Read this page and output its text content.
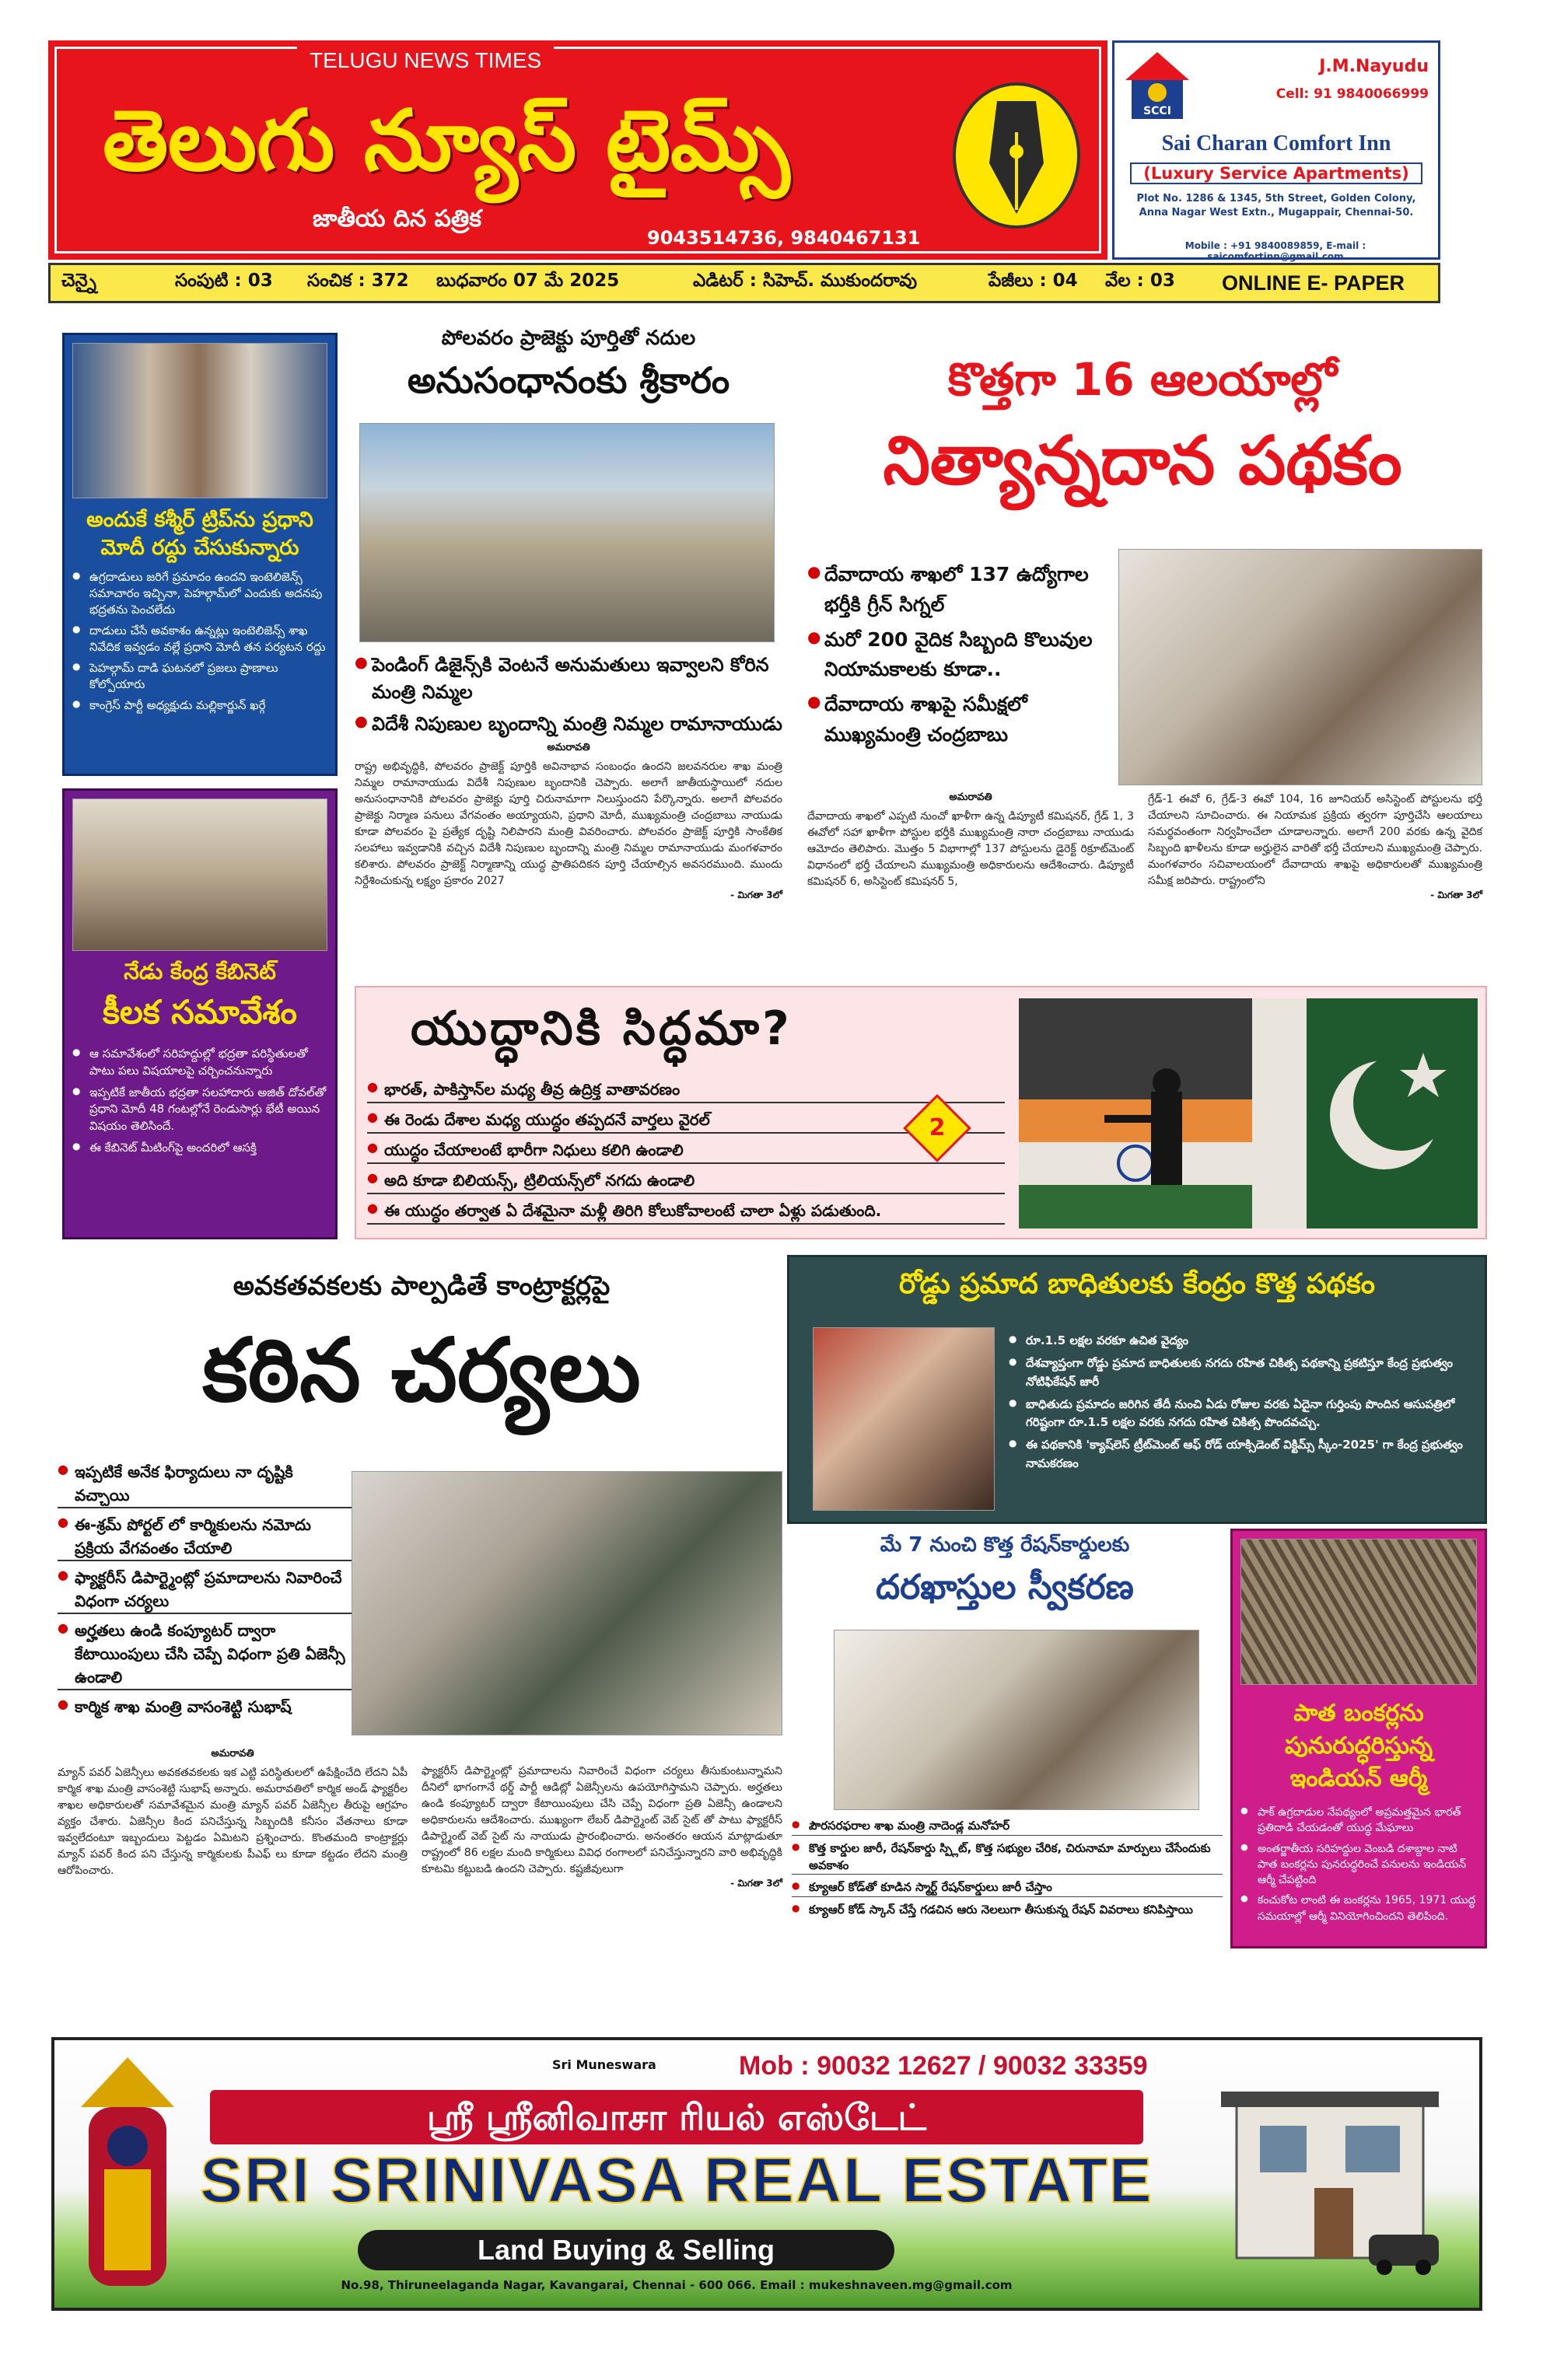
TELUGU NEWS TIMES
తెలుగు న్యూస్ టైమ్స్
జాతీయ దిన పత్రిక
9043514736, 9840467131
SCCI
J.M.Nayudu
Cell: 91 9840066999
Sai Charan Comfort Inn
(Luxury Service Apartments)
Plot No. 1286 & 1345, 5th Street, Golden Colony, Anna Nagar West Extn., Mugappair, Chennai-50.
Mobile : +91 9840089859, E-mail : saicomfortinn@gmail.com
చెన్నై	సంపుటి : 03	సంచిక : 372	బుధవారం 07 మే 2025	ఎడిటర్ : సిహెచ్. ముకుందరావు	పేజీలు : 04	వేల : 03	ONLINE E- PAPER
అందుకే కశ్మీర్ ట్రిప్‌ను ప్రధాని మోదీ రద్దు చేసుకున్నారు
● ఉగ్రదాడులు జరిగే ప్రమాదం ఉందని ఇంటెలిజెన్స్ సమాచారం ఇచ్చినా, పెహల్గామ్‌లో ఎందుకు అదనపు భద్రతను పెంచలేదు
● దాడులు చేసే అవకాశం ఉన్నట్లు ఇంటెలిజెన్స్ శాఖ నివేదిక ఇవ్వడం వల్లే ప్రధాని మోదీ తన పర్యటన రద్దు
● పెహల్గామ్ దాడి ఘటనలో ప్రజలు ప్రాణాలు కోల్పోయారు
● కాంగ్రెస్ పార్టీ అధ్యక్షుడు మల్లికార్జున్ ఖర్గే
పోలవరం ప్రాజెక్టు పూర్తితో నదుల
అనుసంధానంకు శ్రీకారం
● పెండింగ్ డిజైన్స్‌కి వెంటనే అనుమతులు ఇవ్వాలని కోరిన మంత్రి నిమ్మల
● విదేశీ నిపుణుల బృందాన్ని మంత్రి నిమ్మల రామానాయుడు
అమరావతి

రాష్ట్ర అభివృద్ధికి, పోలవరం ప్రాజెక్ట్ పూర్తికి అవినాభావ సంబంధం ఉందని జలవనరుల శాఖ మంత్రి నిమ్మల రామానాయుడు విదేశీ నిపుణుల బృందానికి చెప్పారు. అలాగే జాతీయస్థాయిలో నదుల అనుసంధానానికి పోలవరం ప్రాజెక్టు పూర్తి చిరునామాగా నిలుస్తుందని పేర్కొన్నారు. అలాగే పోలవరం ప్రాజెక్టు నిర్మాణ పనులు వేగవంతం అయ్యాయని, ప్రధాని మోదీ, ముఖ్యమంత్రి చంద్రబాబు నాయుడు కూడా పోలవరం పై ప్రత్యేక దృష్టి నిలిపారని మంత్రి వివరించారు. పోలవరం ప్రాజెక్ట్ పూర్తికి సాంకేతిక సలహాలు ఇవ్వడానికి వచ్చిన విదేశీ నిపుణుల బృందాన్ని మంత్రి నిమ్మల రామానాయుడు మంగళవారం కలిశారు. పోలవరం ప్రాజెక్ట్ నిర్మాణాన్ని యుద్ధ ప్రాతిపదికన పూర్తి చేయాల్సిన అవసరముంది. ముందు నిర్దేశించుకున్న లక్ష్యం ప్రకారం 2027

- మిగతా 3లో
కొత్తగా 16 ఆలయాల్లో
నిత్యాన్నదాన పథకం
● దేవాదాయ శాఖలో 137 ఉద్యోగాల భర్తీకి గ్రీన్ సిగ్నల్
● మరో 200 వైదిక సిబ్బంది కొలువుల నియామకాలకు కూడా..
● దేవాదాయ శాఖపై సమీక్షలో ముఖ్యమంత్రి చంద్రబాబు
అమరావతి

దేవాదాయ శాఖలో ఎప్పటి నుంచో ఖాళీగా ఉన్న డిప్యూటీ కమిషనర్, గ్రేడ్ 1, 3 ఈవోలో సహా ఖాళీగా పోస్టుల భర్తీకి ముఖ్యమంత్రి నారా చంద్రబాబు నాయుడు ఆమోదం తెలిపారు. మొత్తం 5 విభాగాల్లో 137 పోస్టులను డైరెక్ట్ రిక్రూట్‌మెంట్ విధానంలో భర్తీ చేయాలని ముఖ్యమంత్రి అధికారులను ఆదేశించారు. డిప్యూటీ కమిషనర్ 6, అసిస్టెంట్ కమిషనర్ 5,

గ్రేడ్-1 ఈవో 6, గ్రేడ్-3 ఈవో 104, 16 జూనియర్ అసిస్టెంట్ పోస్టులను భర్తీ చేయాలని సూచించారు. ఈ నియామక ప్రక్రియ త్వరగా పూర్తిచేసి ఆలయాలు సమర్థవంతంగా నిర్వహించేలా చూడాలన్నారు. అలాగే 200 వరకు ఉన్న వైదిక సిబ్బంది ఖాళీలను కూడా అర్హులైన వారితో భర్తీ చేయాలని ముఖ్యమంత్రి చెప్పారు. మంగళవారం సచివాలయంలో దేవాదాయ శాఖపై అధికారులతో ముఖ్యమంత్రి సమీక్ష జరిపారు. రాష్ట్రంలోని

- మిగతా 3లో
నేడు కేంద్ర కేబినెట్
కీలక సమావేశం
● ఆ సమావేశంలో సరిహద్దుల్లో భద్రతా పరిస్థితులతో పాటు పలు విషయాలపై చర్చించనున్నారు
● ఇప్పటికే జాతీయ భద్రతా సలహాదారు అజిత్ దోవల్‌తో ప్రధాని మోదీ 48 గంటల్లోనే రెండుసార్లు భేటీ అయిన విషయం తెలిసిందే.
● ఈ కేబినెట్ మీటింగ్‌పై అందరిలో ఆసక్తి
యుద్ధానికి సిద్ధమా?
● భారత్, పాకిస్తాన్‌ల మధ్య తీవ్ర ఉద్రిక్త వాతావరణం
● ఈ రెండు దేశాల మధ్య యుద్ధం తప్పదనే వార్తలు వైరల్
● యుద్ధం చేయాలంటే భారీగా నిధులు కలిగి ఉండాలి
● అది కూడా బిలియన్స్, ట్రిలియన్స్‌లో నగదు ఉండాలి
● ఈ యుద్ధం తర్వాత ఏ దేశమైనా మళ్లీ తిరిగి కోలుకోవాలంటే చాలా ఏళ్లు పడుతుంది.
2
అవకతవకలకు పాల్పడితే కాంట్రాక్టర్లపై
కఠిన చర్యలు
● ఇప్పటికే అనేక ఫిర్యాదులు నా దృష్టికి వచ్చాయి
● ఈ-శ్రమ్ పోర్టల్ లో కార్మికులను నమోదు ప్రక్రియ వేగవంతం చేయాలి
● ఫ్యాక్టరీస్ డిపార్ట్మెంట్లో ప్రమాదాలను నివారించే విధంగా చర్యలు
● అర్హతలు ఉండి కంప్యూటర్ ద్వారా కేటాయింపులు చేసి చెప్పే విధంగా ప్రతి ఏజెన్సీ ఉండాలి
● కార్మిక శాఖ మంత్రి వాసంశెట్టి సుభాష్
అమరావతి

మ్యాన్ పవర్ ఏజెన్సీలు అవకతవకలకు ఇక ఎట్టి పరిస్థితులలో ఉపేక్షించేది లేదని ఏపీ కార్మిక శాఖ మంత్రి వాసంశెట్టి సుభాష్ అన్నారు. అమరావతిలో కార్మిక అండ్ ఫ్యాక్టరీల శాఖల అధికారులతో సమావేశమైన మంత్రి మ్యాన్ పవర్ ఏజెన్సీల తీరుపై ఆగ్రహం వ్యక్తం చేశారు. ఏజెన్సీల కింద పనిచేస్తున్న సిబ్బందికి కనీసం వేతనాలు కూడా ఇవ్వలేదంటూ ఇబ్బందులు పెట్టడం ఏమిటని ప్రశ్నించారు. కొంతమంది కాంట్రాక్టర్లు మ్యాన్ పవర్ కింద పని చేస్తున్న కార్మికులకు పీఎఫ్ లు కూడా కట్టడం లేదని మంత్రి ఆరోపించారు.

ఫ్యాక్టరీస్ డిపార్ట్మెంట్లో ప్రమాదాలను నివారించే విధంగా చర్యలు తీసుకుంటున్నామని దీనిలో భాగంగానే థర్డ్ పార్టీ ఆడిట్లో ఏజెన్సీలను ఉపయోగిస్తామని చెప్పారు. అర్హతలు ఉండి కంప్యూటర్ ద్వారా కేటాయింపులు చేసి చెప్పే విధంగా ప్రతి ఏజెన్సీ ఉండాలని అధికారులను ఆదేశించారు. ముఖ్యంగా లేబర్ డిపార్ట్మెంట్ వెబ్ సైట్ తో పాటు ఫ్యాక్టరీస్ డిపార్ట్మెంట్ వెబ్ సైట్ ను నాయుడు ప్రారంభించారు. అనంతరం ఆయన మాట్లాడుతూ రాష్ట్రంలో 86 లక్షల మంది కార్మికులు వివిధ రంగాలలో పనిచేస్తున్నారని వారి అభివృద్ధికి కూటమి కట్టుబడి ఉందని చెప్పారు. కష్టజీవులుగా

- మిగతా 3లో
రోడ్డు ప్రమాద బాధితులకు కేంద్రం కొత్త పథకం
● రూ.1.5 లక్షల వరకూ ఉచిత వైద్యం
● దేశవ్యాప్తంగా రోడ్డు ప్రమాద బాధితులకు నగదు రహిత చికిత్స పథకాన్ని ప్రకటిస్తూ కేంద్ర ప్రభుత్వం నోటిఫికేషన్ జారీ
● బాధితుడు ప్రమాదం జరిగిన తేదీ నుంచి ఏడు రోజుల వరకు ఏదైనా గుర్తింపు పొందిన ఆసుపత్రిలో గరిష్టంగా రూ.1.5 లక్షల వరకు నగదు రహిత చికిత్స పొందవచ్చు.
● ఈ పథకానికి 'క్యాష్‌లెస్ ట్రీట్‌మెంట్ ఆఫ్ రోడ్ యాక్సిడెంట్ విక్టిమ్స్ స్కీం-2025' గా కేంద్ర ప్రభుత్వం నామకరణం
మే 7 నుంచి కొత్త రేషన్‌కార్డులకు
దరఖాస్తుల స్వీకరణ
● పౌరసరఫరాల శాఖ మంత్రి నాదెండ్ల మనోహర్
● కొత్త కార్డుల జారీ, రేషన్‌కార్డు స్ప్లిట్, కొత్త సభ్యుల చేరిక, చిరునామా మార్పులు చేసేందుకు అవకాశం
● క్యూఆర్ కోడ్‌తో కూడిన స్మార్ట్ రేషన్‌కార్డులు జారీ చేస్తాం
● క్యూఆర్ కోడ్ స్కాన్ చేస్తే గడచిన ఆరు నెలలుగా తీసుకున్న రేషన్ వివరాలు కనిపిస్తాయి
పాత బంకర్లను పునురుద్ధరిస్తున్న ఇండియన్ ఆర్మీ
● పాక్ ఉగ్రదాడుల నేపథ్యంలో అప్రమత్తమైన భారత్ ప్రతిదాడి చేయడంతో యుద్ధ మేఘాలు
● అంతర్జాతీయ సరిహద్దుల వెంబడి దశాబ్దాల నాటి పాత బంకర్లను పునరుద్ధరించే పనులను ఇండియన్ ఆర్మీ చేపట్టింది
● కంచుకోట లాంటి ఈ బంకర్లను 1965, 1971 యుద్ధ సమయాల్లో ఆర్మీ వినియోగించిందని తెలిపింది.
Sri Muneswara	Mob : 90032 12627 / 90032 33359
ஸ்ரீ ஸ்ரீனிவாசா ரியல் எஸ்டேட்
SRI SRINIVASA REAL ESTATE
Land Buying & Selling
No.98, Thiruneelaganda Nagar, Kavangarai, Chennai - 600 066. Email : mukeshnaveen.mg@gmail.com
